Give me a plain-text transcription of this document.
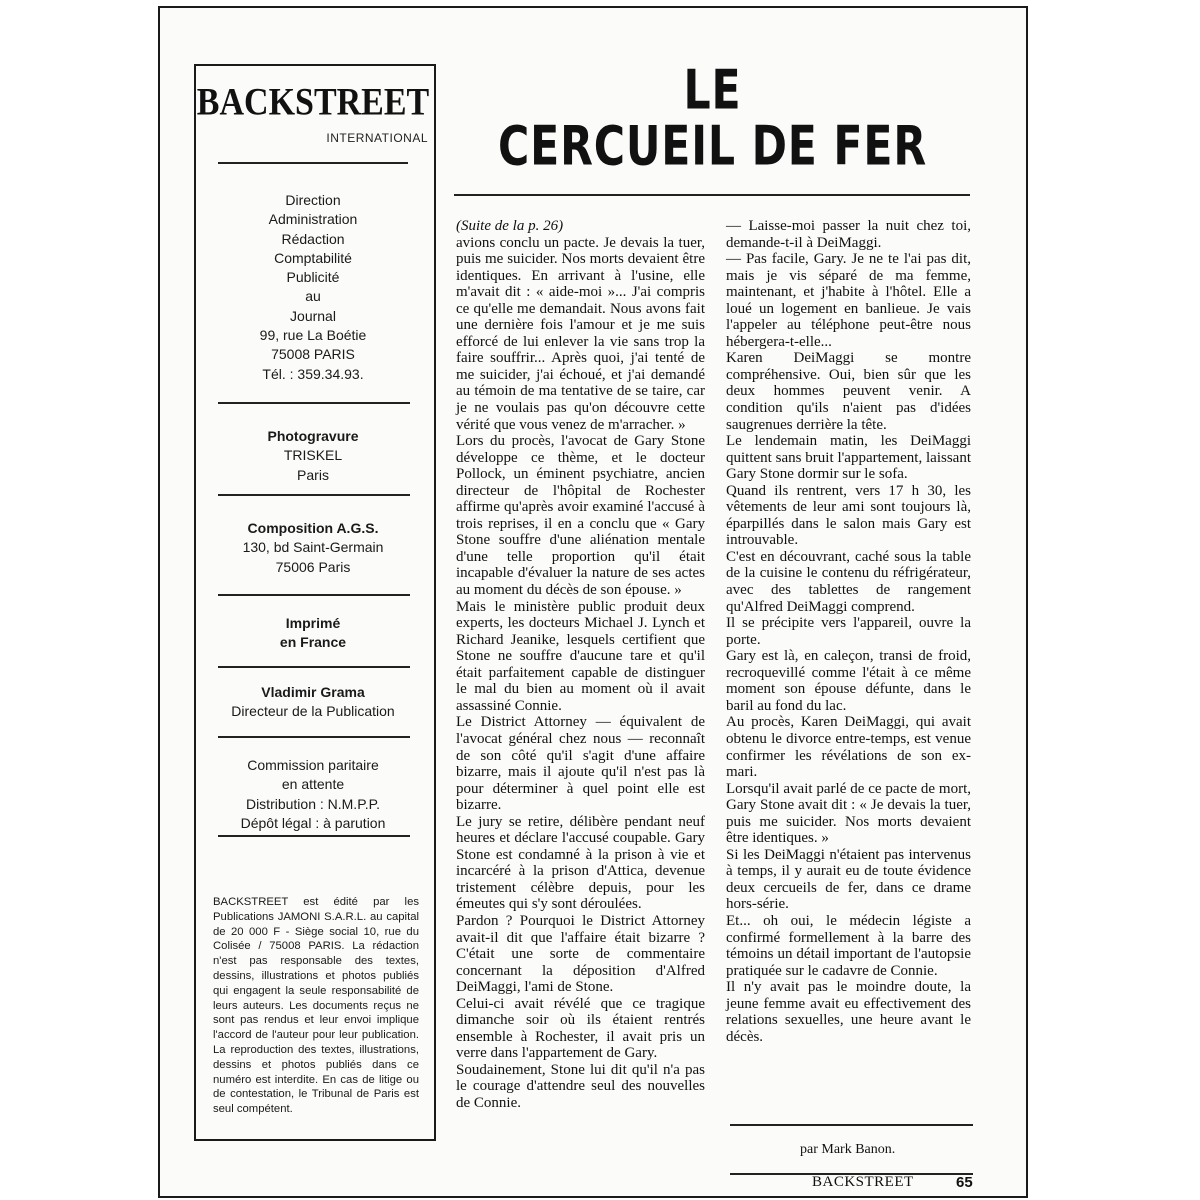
BACKSTREET
INTERNATIONAL
Direction
Administration
Rédaction
Comptabilité
Publicité
au
Journal
99, rue La Boétie
75008 PARIS
Tél. : 359.34.93.
Photogravure
TRISKEL
Paris
Composition A.G.S.
130, bd Saint-Germain
75006 Paris
Imprimé
en France
Vladimir Grama
Directeur de la Publication
Commission paritaire
en attente
Distribution : N.M.P.P.
Dépôt légal : à parution
BACKSTREET est édité par les Publications JAMONI S.A.R.L. au capital de 20 000 F - Siège social 10, rue du Colisée / 75008 PARIS. La rédaction n'est pas responsable des textes, dessins, illustrations et photos publiés qui engagent la seule responsabilité de leurs auteurs. Les documents reçus ne sont pas rendus et leur envoi implique l'accord de l'auteur pour leur publication. La reproduction des textes, illustrations, dessins et photos publiés dans ce numéro est interdite. En cas de litige ou de contestation, le Tribunal de Paris est seul compétent.
LE
CERCUEIL DE FER

(Suite de la p. 26)

avions conclu un pacte. Je devais la tuer, puis me suicider. Nos morts devaient être identiques. En arrivant à l'usine, elle m'avait dit : « aide-moi »... J'ai compris ce qu'elle me demandait. Nous avons fait une dernière fois l'amour et je me suis efforcé de lui enlever la vie sans trop la faire souffrir... Après quoi, j'ai tenté de me suicider, j'ai échoué, et j'ai demandé au témoin de ma tentative de se taire, car je ne voulais pas qu'on découvre cette vérité que vous venez de m'arracher. »

Lors du procès, l'avocat de Gary Stone développe ce thème, et le docteur Pollock, un éminent psychiatre, ancien directeur de l'hôpital de Rochester affirme qu'après avoir examiné l'accusé à trois reprises, il en a conclu que « Gary Stone souffre d'une aliénation mentale d'une telle proportion qu'il était incapable d'évaluer la nature de ses actes au moment du décès de son épouse. »

Mais le ministère public produit deux experts, les docteurs Michael J. Lynch et Richard Jeanike, lesquels certifient que Stone ne souffre d'aucune tare et qu'il était parfaitement capable de distinguer le mal du bien au moment où il avait assassiné Connie.

Le District Attorney — équivalent de l'avocat général chez nous — reconnaît de son côté qu'il s'agit d'une affaire bizarre, mais il ajoute qu'il n'est pas là pour déterminer à quel point elle est bizarre.

Le jury se retire, délibère pendant neuf heures et déclare l'accusé coupable. Gary Stone est condamné à la prison à vie et incarcéré à la prison d'Attica, devenue tristement célèbre depuis, pour les émeutes qui s'y sont déroulées.

Pardon ? Pourquoi le District Attorney avait-il dit que l'affaire était bizarre ? C'était une sorte de commentaire concernant la déposition d'Alfred DeiMaggi, l'ami de Stone.

Celui-ci avait révélé que ce tragique dimanche soir où ils étaient rentrés ensemble à Rochester, il avait pris un verre dans l'appartement de Gary.

Soudainement, Stone lui dit qu'il n'a pas le courage d'attendre seul des nouvelles de Connie.

— Laisse-moi passer la nuit chez toi, demande-t-il à DeiMaggi.

— Pas facile, Gary. Je ne te l'ai pas dit, mais je vis séparé de ma femme, maintenant, et j'habite à l'hôtel. Elle a loué un logement en banlieue. Je vais l'appeler au téléphone peut-être nous hébergera-t-elle...

Karen DeiMaggi se montre compréhensive. Oui, bien sûr que les deux hommes peuvent venir. A condition qu'ils n'aient pas d'idées saugrenues derrière la tête.

Le lendemain matin, les DeiMaggi quittent sans bruit l'appartement, laissant Gary Stone dormir sur le sofa.

Quand ils rentrent, vers 17 h 30, les vêtements de leur ami sont toujours là, éparpillés dans le salon mais Gary est introuvable.

C'est en découvrant, caché sous la table de la cuisine le contenu du réfrigérateur, avec des tablettes de rangement qu'Alfred DeiMaggi comprend.

Il se précipite vers l'appareil, ouvre la porte.

Gary est là, en caleçon, transi de froid, recroquevillé comme l'était à ce même moment son épouse défunte, dans le baril au fond du lac.

Au procès, Karen DeiMaggi, qui avait obtenu le divorce entre-temps, est venue confirmer les révélations de son ex-mari.

Lorsqu'il avait parlé de ce pacte de mort, Gary Stone avait dit : « Je devais la tuer, puis me suicider. Nos morts devaient être identiques. »

Si les DeiMaggi n'étaient pas intervenus à temps, il y aurait eu de toute évidence deux cercueils de fer, dans ce drame hors-série.

Et... oh oui, le médecin légiste a confirmé formellement à la barre des témoins un détail important de l'autopsie pratiquée sur le cadavre de Connie.

Il n'y avait pas le moindre doute, la jeune femme avait eu effectivement des relations sexuelles, une heure avant le décès.

par Mark Banon.
BACKSTREET	65
